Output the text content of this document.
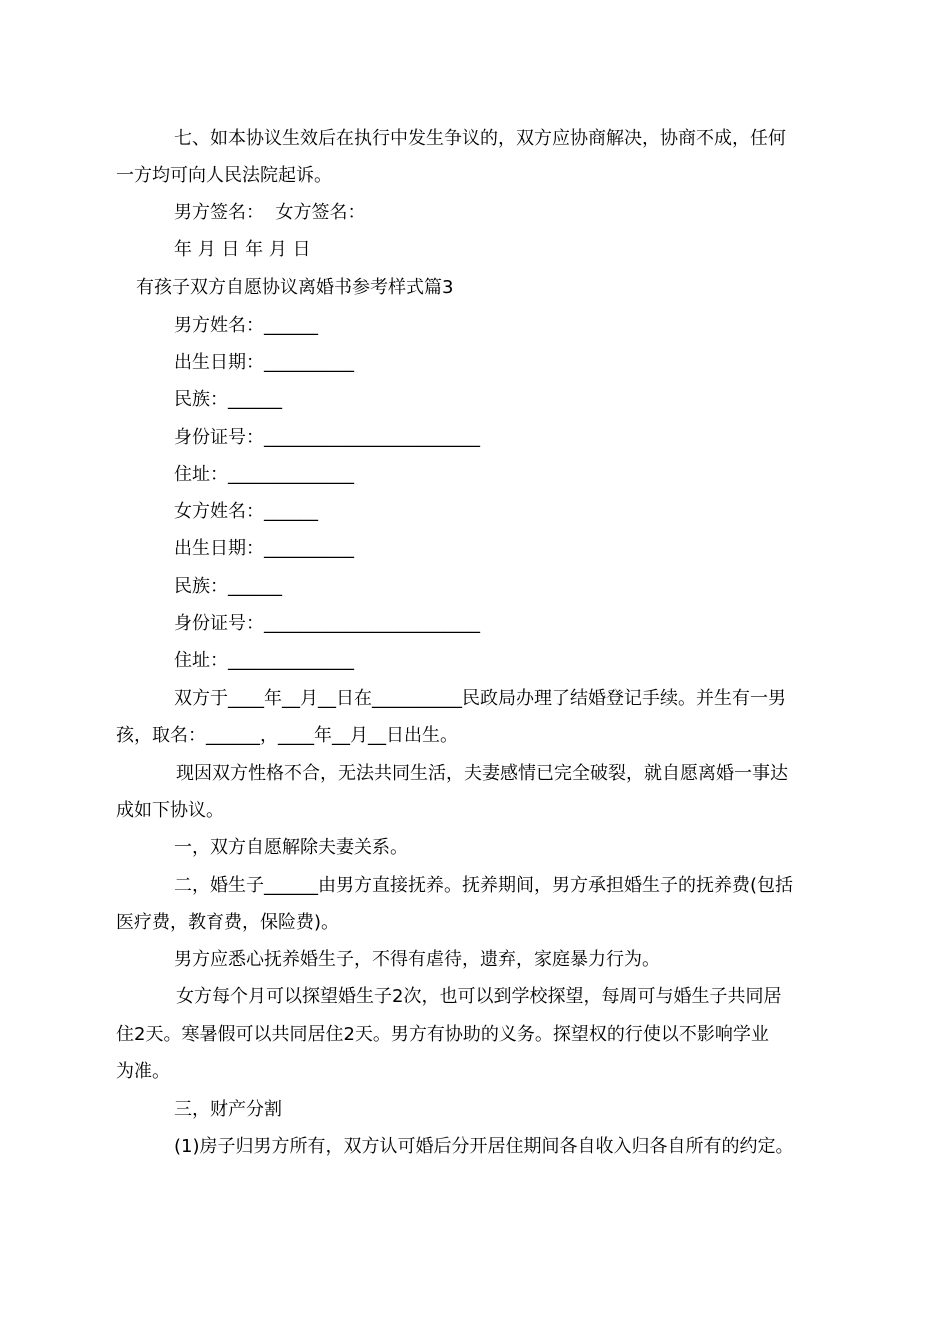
七、如本协议生效后在执行中发生争议的，双方应协商解决，协商不成，任何
一方均可向人民法院起诉。
男方签名：  女方签名：
年 月 日 年 月 日
有孩子双方自愿协议离婚书参考样式篇3
男方姓名：______
出生日期：__________
民族：______
身份证号：________________________
住址：______________
女方姓名：______
出生日期：__________
民族：______
身份证号：________________________
住址：______________
双方于____年__月__日在__________民政局办理了结婚登记手续。并生有一男
孩，取名：______，____年__月__日出生。
现因双方性格不合，无法共同生活，夫妻感情已完全破裂，就自愿离婚一事达
成如下协议。
一，双方自愿解除夫妻关系。
二，婚生子______由男方直接抚养。抚养期间，男方承担婚生子的抚养费(包括
医疗费，教育费，保险费)。
男方应悉心抚养婚生子，不得有虐待，遗弃，家庭暴力行为。
女方每个月可以探望婚生子2次，也可以到学校探望，每周可与婚生子共同居
住2天。寒暑假可以共同居住2天。男方有协助的义务。探望权的行使以不影响学业
为准。
三，财产分割
(1)房子归男方所有，双方认可婚后分开居住期间各自收入归各自所有的约定。
